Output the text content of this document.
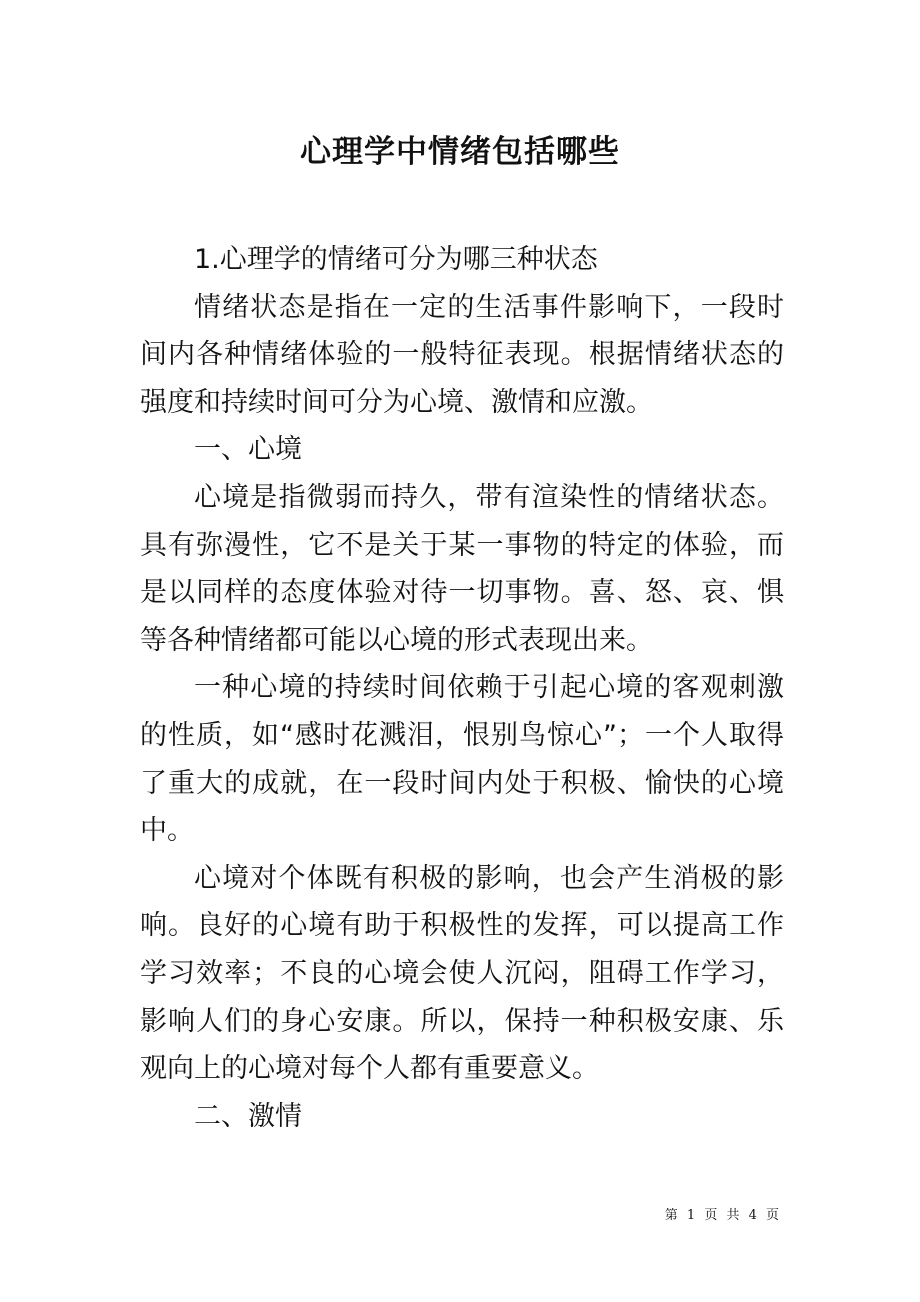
心理学中情绪包括哪些

1.心理学的情绪可分为哪三种状态

情绪状态是指在一定的生活事件影响下，一段时间内各种情绪体验的一般特征表现。根据情绪状态的强度和持续时间可分为心境、激情和应激。

一、心境

心境是指微弱而持久，带有渲染性的情绪状态。具有弥漫性，它不是关于某一事物的特定的体验，而是以同样的态度体验对待一切事物。喜、怒、哀、惧等各种情绪都可能以心境的形式表现出来。

一种心境的持续时间依赖于引起心境的客观刺激的性质，如“感时花溅泪，恨别鸟惊心”；一个人取得了重大的成就，在一段时间内处于积极、愉快的心境中。

心境对个体既有积极的影响，也会产生消极的影响。良好的心境有助于积极性的发挥，可以提高工作学习效率；不良的心境会使人沉闷，阻碍工作学习，影响人们的身心安康。所以，保持一种积极安康、乐观向上的心境对每个人都有重要意义。

二、激情

第 1 页 共 4 页
